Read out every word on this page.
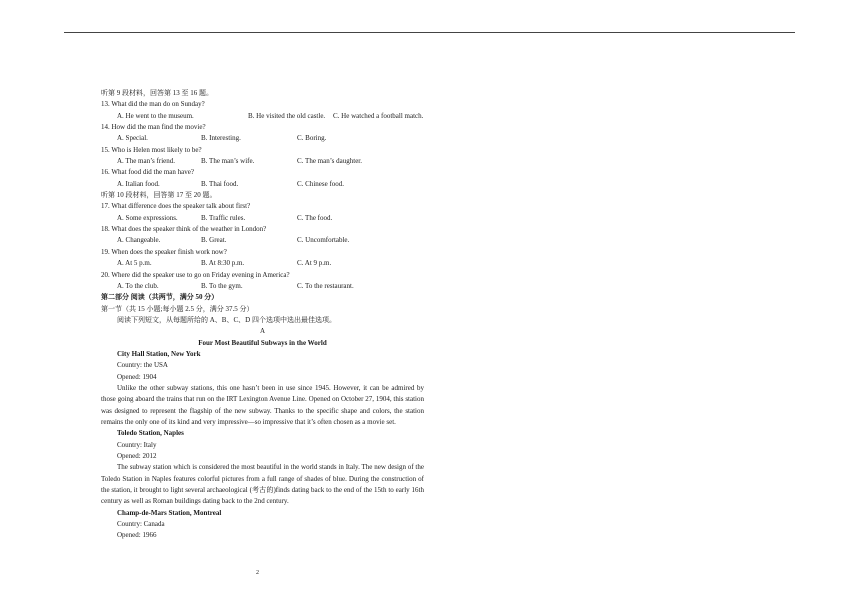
听第 9 段材料，回答第 13 至 16 题。
13. What did the man do on Sunday?
A. He went to the museum.	B. He visited the old castle. C. He watched a football match.
14. How did the man find the movie?
A. Special.	B. Interesting.	C. Boring.
15. Who is Helen most likely to be?
A. The man’s friend.	B. The man’s wife.	C. The man’s daughter.
16. What food did the man have?
A. Italian food.	B. Thai food.	C. Chinese food.
听第 10 段材料，回答第 17 至 20 题。
17. What difference does the speaker talk about first?
A. Some expressions.	B. Traffic rules.	C. The food.
18. What does the speaker think of the weather in London?
A. Changeable.	B. Great.	C. Uncomfortable.
19. When does the speaker finish work now?
A. At 5 p.m.	B. At 8:30 p.m.	C. At 9 p.m.
20. Where did the speaker use to go on Friday evening in America?
A. To the club.	B. To the gym.	C. To the restaurant.
第二部分 阅读（共两节，满分 50 分）
第一节（共 15 小题;每小题 2.5 分，满分 37.5 分）
阅读下列短文，从每题所给的 A、B、C、D 四个选项中选出最佳选项。
A
Four Most Beautiful Subways in the World
City Hall Station, New York
Country: the USA
Opened: 1904
Unlike the other subway stations, this one hasn’t been in use since 1945. However, it can be admired by those going aboard the trains that run on the IRT Lexington Avenue Line. Opened on October 27, 1904, this station was designed to represent the flagship of the new subway. Thanks to the specific shape and colors, the station remains the only one of its kind and very impressive—so impressive that it’s often chosen as a movie set.
Toledo Station, Naples
Country: Italy
Opened: 2012
The subway station which is considered the most beautiful in the world stands in Italy. The new design of the Toledo Station in Naples features colorful pictures from a full range of shades of blue. During the construction of the station, it brought to light several archaeological (考古的)finds dating back to the end of the 15th to early 16th century as well as Roman buildings dating back to the 2nd century.
Champ-de-Mars Station, Montreal
Country: Canada
Opened: 1966
2
